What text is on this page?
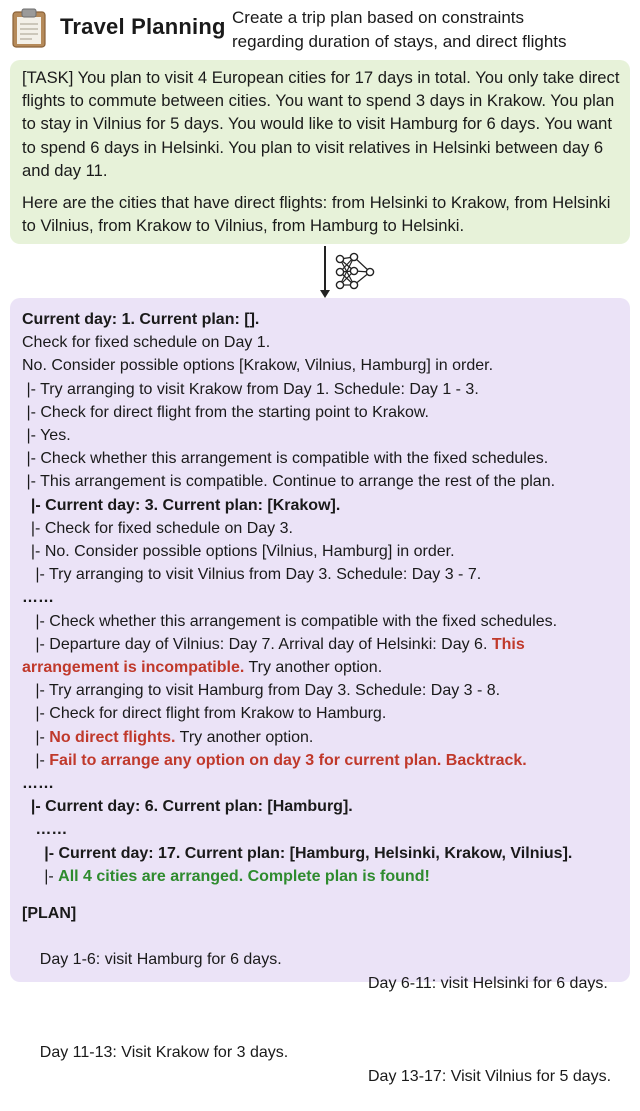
Travel Planning Create a trip plan based on constraints
regarding duration of stays, and direct flights

[TASK] You plan to visit 4 European cities for 17 days in total. You only take direct flights to commute between cities. You want to spend 3 days in Krakow. You plan to stay in Vilnius for 5 days. You would like to visit Hamburg for 6 days. You want to spend 6 days in Helsinki. You plan to visit relatives in Helsinki between day 6 and day 11.

Here are the cities that have direct flights: from Helsinki to Krakow, from Helsinki to Vilnius, from Krakow to Vilnius, from Hamburg to Helsinki.

Current day: 1. Current plan: [].
Check for fixed schedule on Day 1.
No. Consider possible options [Krakow, Vilnius, Hamburg] in order.
|- Try arranging to visit Krakow from Day 1. Schedule: Day 1 - 3.
|- Check for direct flight from the starting point to Krakow.
|- Yes.
|- Check whether this arrangement is compatible with the fixed schedules.
|- This arrangement is compatible. Continue to arrange the rest of the plan.
|- Current day: 3. Current plan: [Krakow].
|- Check for fixed schedule on Day 3.
|- No. Consider possible options [Vilnius, Hamburg] in order.
|- Try arranging to visit Vilnius from Day 3. Schedule: Day 3 - 7.
……
|- Check whether this arrangement is compatible with the fixed schedules.
|- Departure day of Vilnius: Day 7. Arrival day of Helsinki: Day 6. This
arrangement is incompatible. Try another option.
|- Try arranging to visit Hamburg from Day 3. Schedule: Day 3 - 8.
|- Check for direct flight from Krakow to Hamburg.
|- No direct flights. Try another option.
|- Fail to arrange any option on day 3 for current plan. Backtrack.
……
|- Current day: 6. Current plan: [Hamburg].
……
|- Current day: 17. Current plan: [Hamburg, Helsinki, Krakow, Vilnius].
|- All 4 cities are arranged. Complete plan is found!
[PLAN]

Day 1-6: visit Hamburg for 6 days.

Day 6-11: visit Helsinki for 6 days.

Day 11-13: Visit Krakow for 3 days.

Day 13-17: Visit Vilnius for 5 days.
